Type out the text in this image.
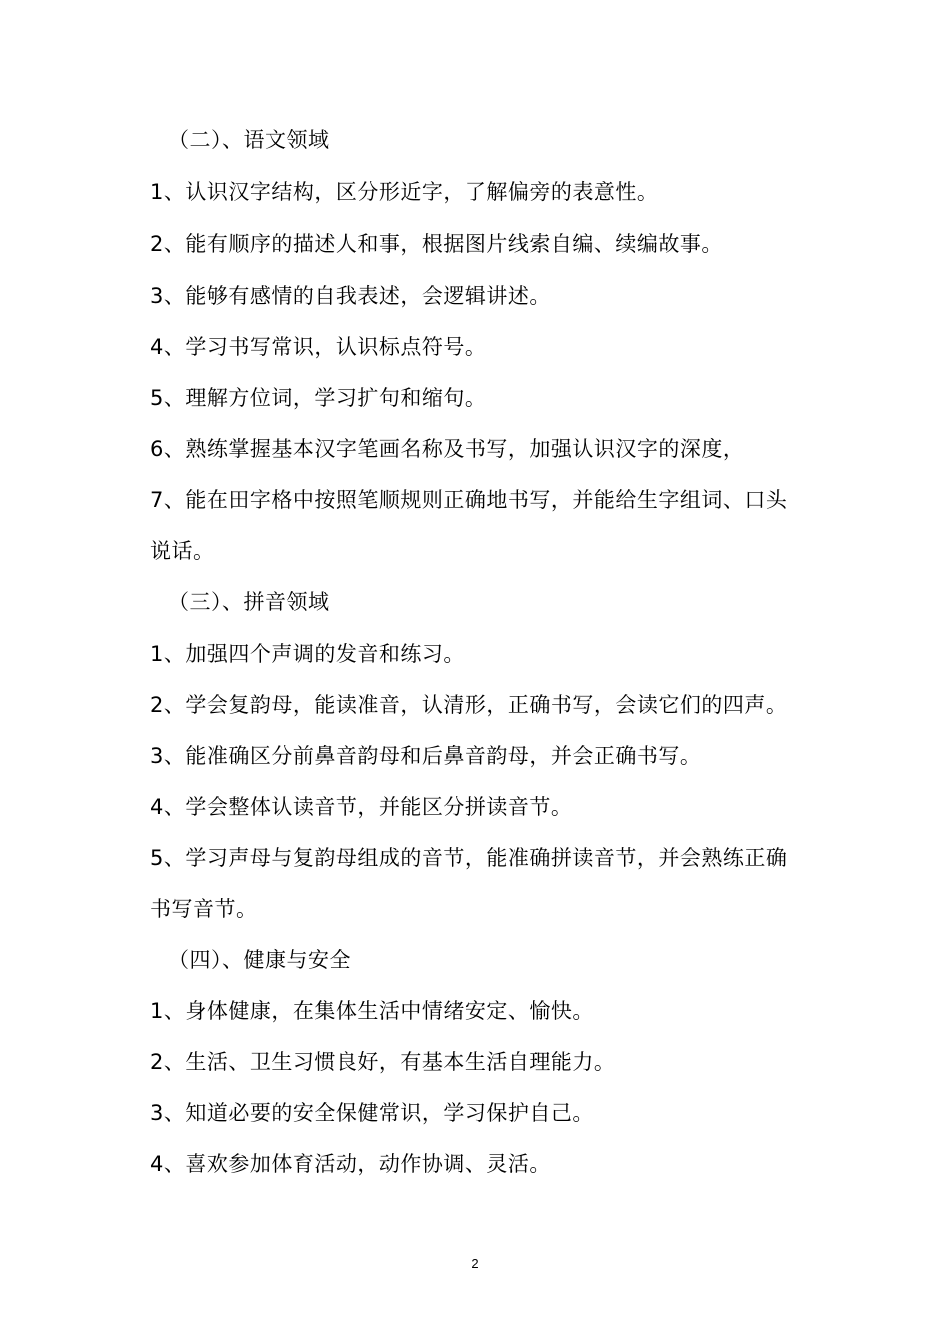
（二）、语文领域
1、认识汉字结构，区分形近字，了解偏旁的表意性。
2、能有顺序的描述人和事，根据图片线索自编、续编故事。
3、能够有感情的自我表述，会逻辑讲述。
4、学习书写常识，认识标点符号。
5、理解方位词，学习扩句和缩句。
6、熟练掌握基本汉字笔画名称及书写，加强认识汉字的深度，
7、能在田字格中按照笔顺规则正确地书写，并能给生字组词、口头
说话。
（三）、拼音领域
1、加强四个声调的发音和练习。
2、学会复韵母，能读准音，认清形，正确书写，会读它们的四声。
3、能准确区分前鼻音韵母和后鼻音韵母，并会正确书写。
4、学会整体认读音节，并能区分拼读音节。
5、学习声母与复韵母组成的音节，能准确拼读音节，并会熟练正确
书写音节。
（四）、健康与安全
1、身体健康，在集体生活中情绪安定、愉快。
2、生活、卫生习惯良好，有基本生活自理能力。
3、知道必要的安全保健常识，学习保护自己。
4、喜欢参加体育活动，动作协调、灵活。
2
